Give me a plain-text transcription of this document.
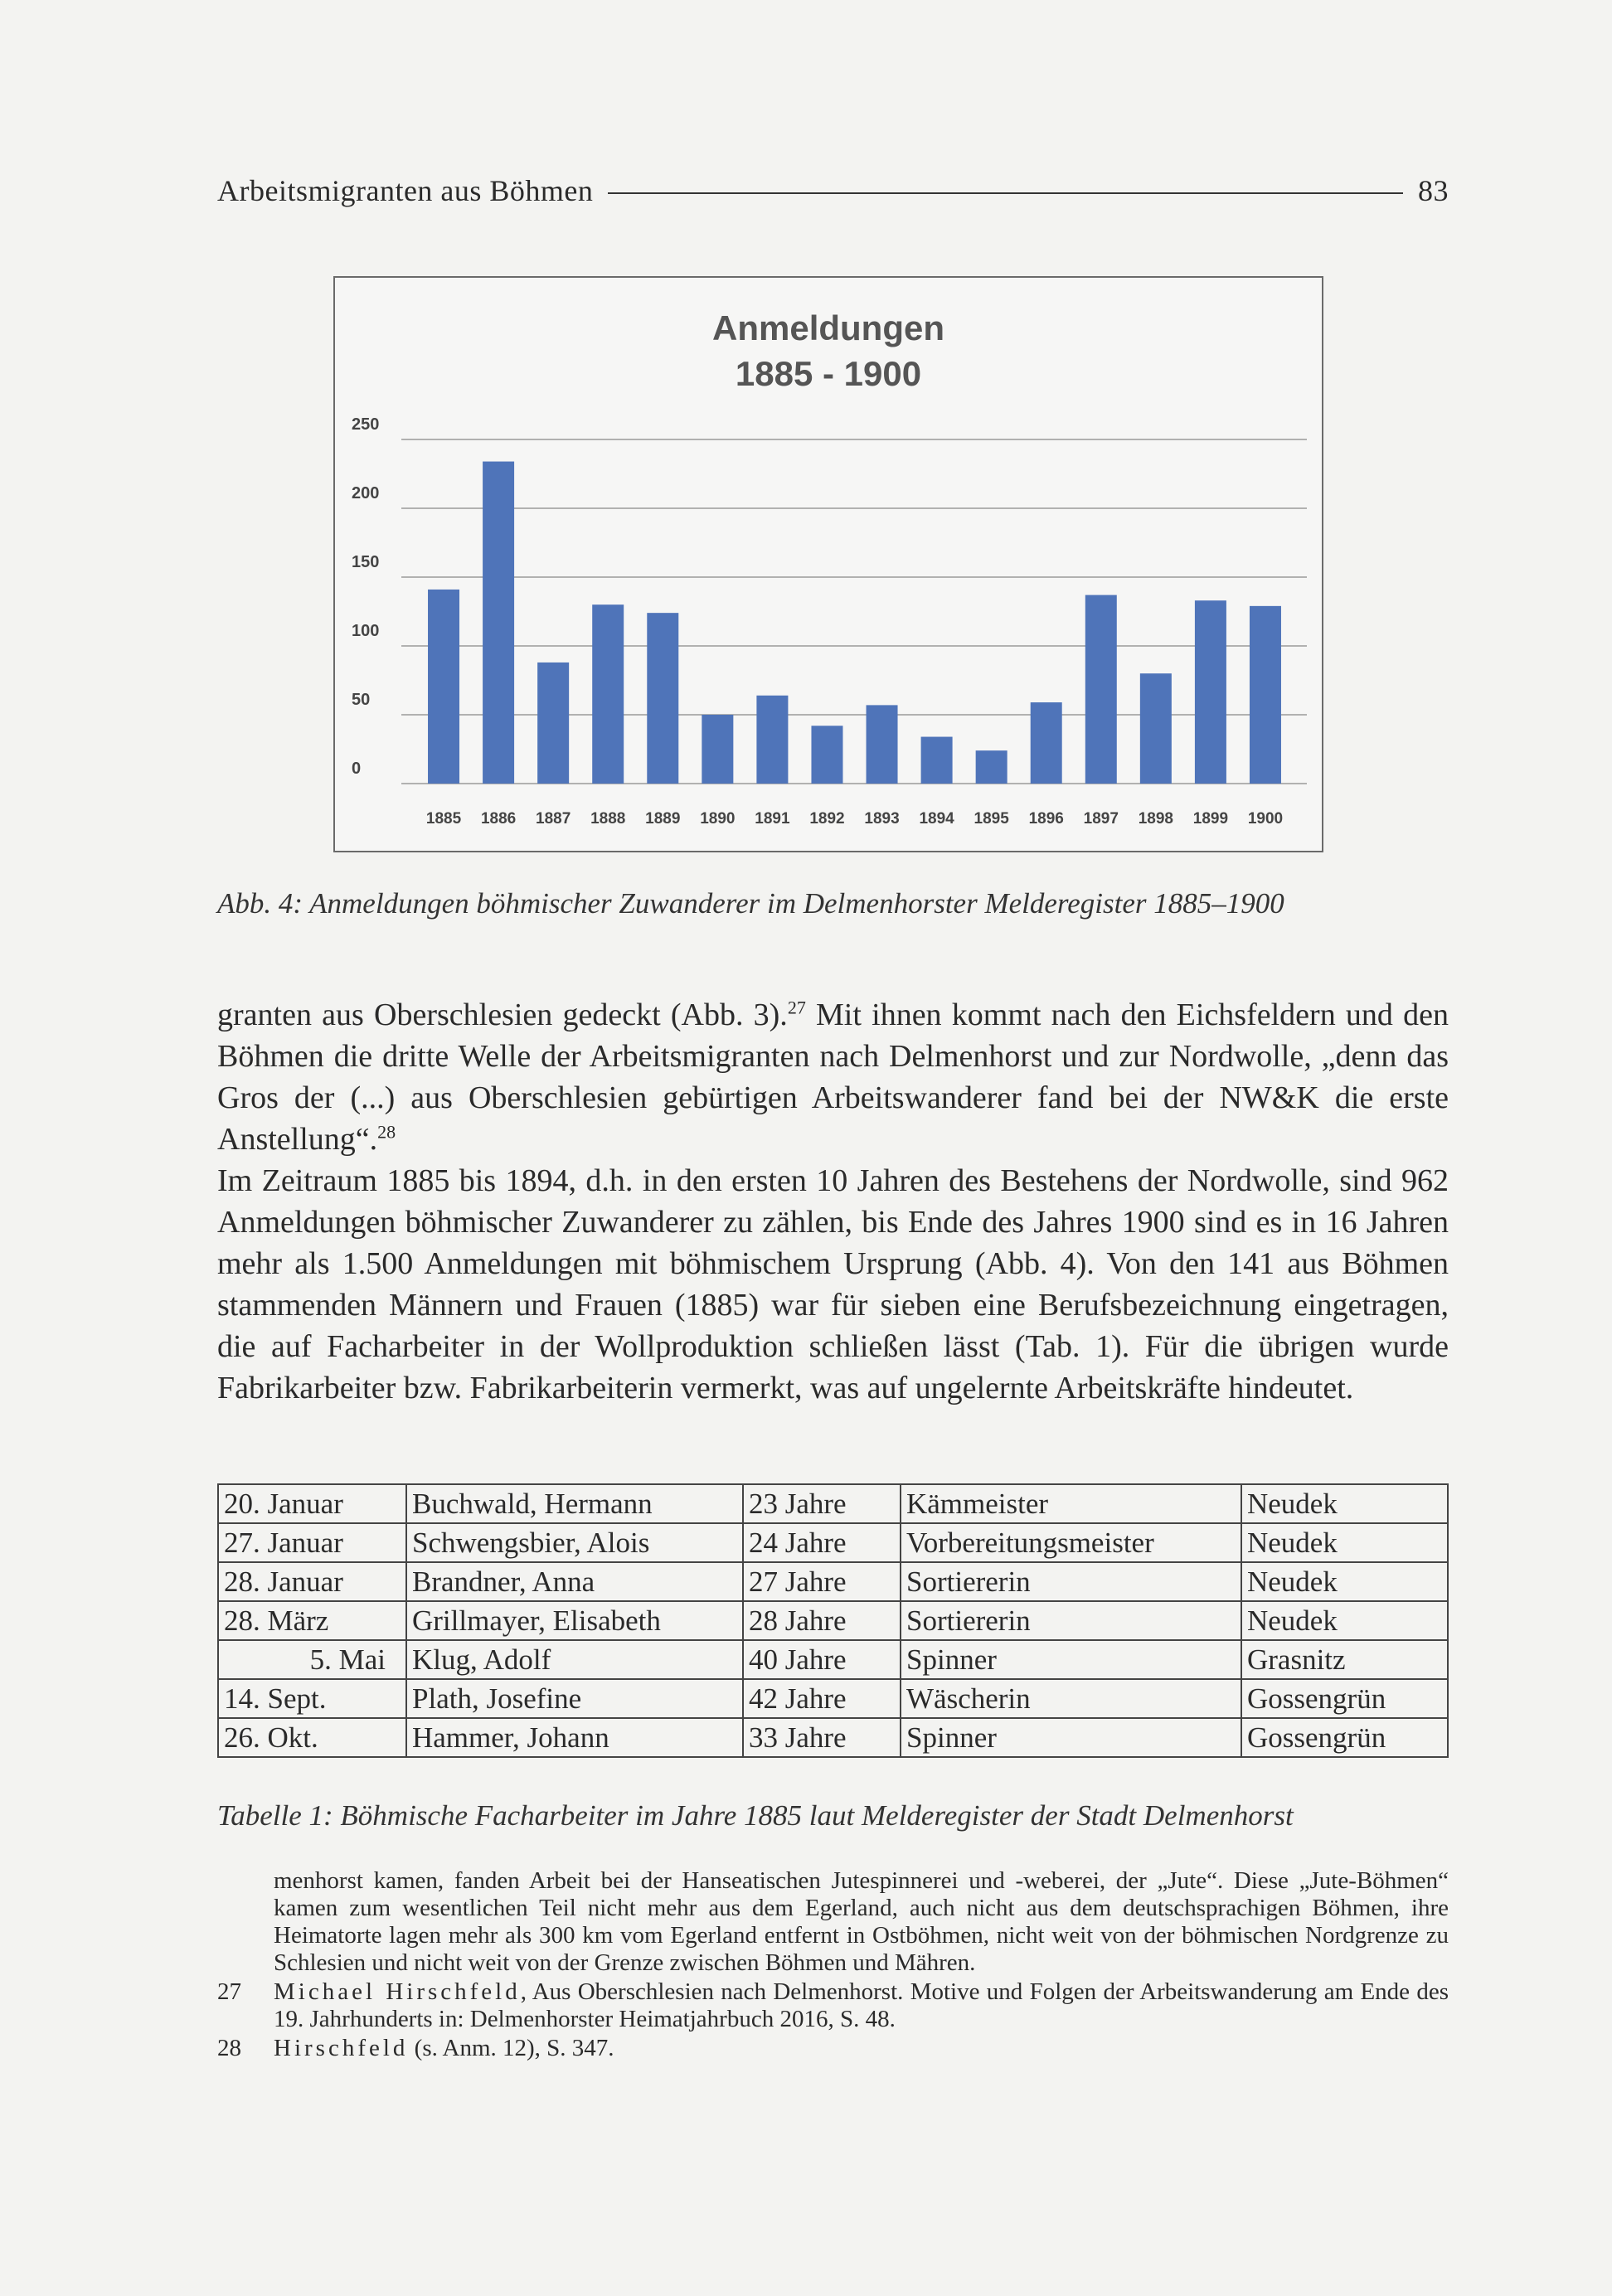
Arbeitsmigranten aus Böhmen	83
Anmeldungen
1885 - 1900
0
50
100
150
200
250
1885 1886 1887 1888 1889 1890 1891 1892 1893 1894 1895 1896 1897 1898 1899 1900
Abb. 4: Anmeldungen böhmischer Zuwanderer im Delmenhorster Melderegister 1885–1900

granten aus Oberschlesien gedeckt (Abb. 3).$^{27}$ Mit ihnen kommt nach den Eichsfeldern und den Böhmen die dritte Welle der Arbeitsmigranten nach Delmenhorst und zur Nordwolle, „denn das Gros der (...) aus Oberschlesien gebürtigen Arbeitswanderer fand bei der NW&K die erste Anstellung“.$^{28}$

Im Zeitraum 1885 bis 1894, d.h. in den ersten 10 Jahren des Bestehens der Nordwolle, sind 962 Anmeldungen böhmischer Zuwanderer zu zählen, bis Ende des Jahres 1900 sind es in 16 Jahren mehr als 1.500 Anmeldungen mit böhmischem Ursprung (Abb. 4). Von den 141 aus Böhmen stammenden Männern und Frauen (1885) war für sieben eine Berufsbezeichnung eingetragen, die auf Facharbeiter in der Wollproduktion schließen lässt (Tab. 1). Für die übrigen wurde Fabrikarbeiter bzw. Fabrikarbeiterin vermerkt, was auf ungelernte Arbeitskräfte hindeutet.

20. Januar	Buchwald, Hermann	23 Jahre	Kämmeister	Neudek
27. Januar	Schwengsbier, Alois	24 Jahre	Vorbereitungsmeister	Neudek
28. Januar	Brandner, Anna	27 Jahre	Sortiererin	Neudek
28. März	Grillmayer, Elisabeth	28 Jahre	Sortiererin	Neudek
5. Mai	Klug, Adolf	40 Jahre	Spinner	Grasnitz
14. Sept.	Plath, Josefine	42 Jahre	Wäscherin	Gossengrün
26. Okt.	Hammer, Johann	33 Jahre	Spinner	Gossengrün
Tabelle 1: Böhmische Facharbeiter im Jahre 1885 laut Melderegister der Stadt Delmenhorst
menhorst kamen, fanden Arbeit bei der Hanseatischen Jutespinnerei und -weberei, der „Jute“. Diese „Jute-Böhmen“ kamen zum wesentlichen Teil nicht mehr aus dem Egerland, auch nicht aus dem deutschsprachigen Böhmen, ihre Heimatorte lagen mehr als 300 km vom Egerland entfernt in Ostböhmen, nicht weit von der böhmischen Nordgrenze zu Schlesien und nicht weit von der Grenze zwischen Böhmen und Mähren.
27	Michael Hirschfeld, Aus Oberschlesien nach Delmenhorst. Motive und Folgen der Arbeitswanderung am Ende des 19. Jahrhunderts in: Delmenhorster Heimatjahrbuch 2016, S. 48.
28	Hirschfeld (s. Anm. 12), S. 347.
